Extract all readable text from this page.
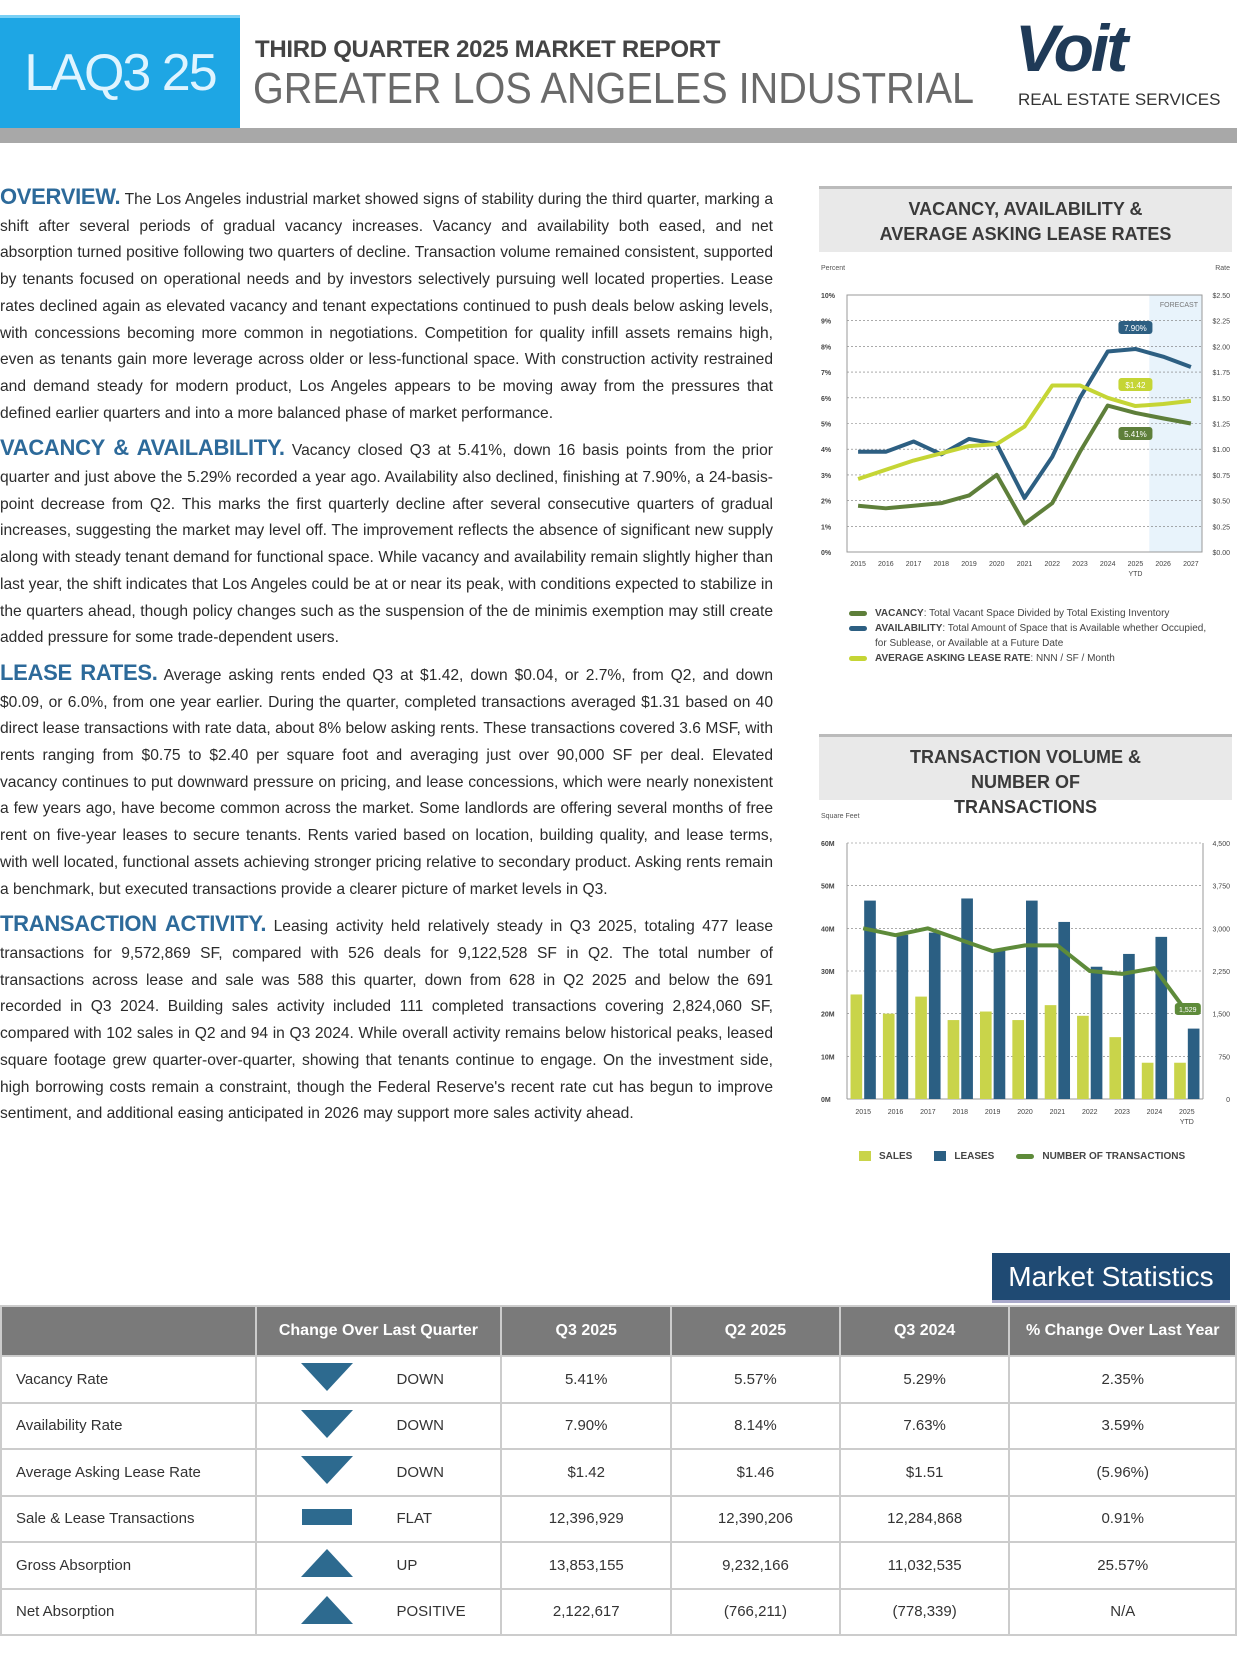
LAQ3 25	THIRD QUARTER 2025 MARKET REPORT
GREATER LOS ANGELES INDUSTRIAL
Voit
REAL ESTATE SERVICES

OVERVIEW. The Los Angeles industrial market showed signs of stability during the third quarter, marking a shift after several periods of gradual vacancy increases. Vacancy and availability both eased, and net absorption turned positive following two quarters of decline. Transaction volume remained consistent, supported by tenants focused on operational needs and by investors selectively pursuing well located properties. Lease rates declined again as elevated vacancy and tenant expectations continued to push deals below asking levels, with concessions becoming more common in negotiations. Competition for quality infill assets remains high, even as tenants gain more leverage across older or less-functional space. With construction activity restrained and demand steady for modern product, Los Angeles appears to be moving away from the pressures that defined earlier quarters and into a more balanced phase of market performance.

VACANCY & AVAILABILITY. Vacancy closed Q3 at 5.41%, down 16 basis points from the prior quarter and just above the 5.29% recorded a year ago. Availability also declined, finishing at 7.90%, a 24-basis-point decrease from Q2. This marks the first quarterly decline after several consecutive quarters of gradual increases, suggesting the market may level off. The improvement reflects the absence of significant new supply along with steady tenant demand for functional space. While vacancy and availability remain slightly higher than last year, the shift indicates that Los Angeles could be at or near its peak, with conditions expected to stabilize in the quarters ahead, though policy changes such as the suspension of the de minimis exemption may still create added pressure for some trade-dependent users.

LEASE RATES. Average asking rents ended Q3 at $1.42, down $0.04, or 2.7%, from Q2, and down $0.09, or 6.0%, from one year earlier. During the quarter, completed transactions averaged $1.31 based on 40 direct lease transactions with rate data, about 8% below asking rents. These transactions covered 3.6 MSF, with rents ranging from $0.75 to $2.40 per square foot and averaging just over 90,000 SF per deal. Elevated vacancy continues to put downward pressure on pricing, and lease concessions, which were nearly nonexistent a few years ago, have become common across the market. Some landlords are offering several months of free rent on five-year leases to secure tenants. Rents varied based on location, building quality, and lease terms, with well located, functional assets achieving stronger pricing relative to secondary product. Asking rents remain a benchmark, but executed transactions provide a clearer picture of market levels in Q3.

TRANSACTION ACTIVITY. Leasing activity held relatively steady in Q3 2025, totaling 477 lease transactions for 9,572,869 SF, compared with 526 deals for 9,122,528 SF in Q2. The total number of transactions across lease and sale was 588 this quarter, down from 628 in Q2 2025 and below the 691 recorded in Q3 2024. Building sales activity included 111 completed transactions covering 2,824,060 SF, compared with 102 sales in Q2 and 94 in Q3 2024. While overall activity remains below historical peaks, leased square footage grew quarter-over-quarter, showing that tenants continue to engage. On the investment side, high borrowing costs remain a constraint, though the Federal Reserve's recent rate cut has begun to improve sentiment, and additional easing anticipated in 2026 may support more sales activity ahead.

VACANCY, AVAILABILITY & AVERAGE ASKING LEASE RATES
FORECAST
Percent	Rate
0%	$0.00
1%	$0.25
2%	$0.50
3%	$0.75
4%	$1.00
5%	$1.25
6%	$1.50
7%	$1.75
8%	$2.00
9%	$2.25
10%	$2.50
2015 2016 2017 2018 2019 2020 2021 2022 2023 2024 2025 2026 2027
YTD
5.41%
7.90%
$1.42
VACANCY: Total Vacant Space Divided by Total Existing Inventory
AVAILABILITY: Total Amount of Space that is Available whether Occupied, for Sublease, or Available at a Future Date
AVERAGE ASKING LEASE RATE: NNN / SF / Month
TRANSACTION VOLUME & NUMBER OF TRANSACTIONS
Square Feet
0M	0
10M	750
20M	1,500
30M	2,250
40M	3,000
50M	3,750
60M	4,500
2015 2016 2017 2018 2019 2020 2021 2022 2023 2024 2025
YTD
1,529
SALES	LEASES	NUMBER OF TRANSACTIONS
Market Statistics
	Change Over Last Quarter	Q3 2025	Q2 2025	Q3 2024	% Change Over Last Year
Vacancy Rate	DOWN	5.41%	5.57%	5.29%	2.35%
Availability Rate	DOWN	7.90%	8.14%	7.63%	3.59%
Average Asking Lease Rate	DOWN	$1.42	$1.46	$1.51	(5.96%)
Sale & Lease Transactions	FLAT	12,396,929	12,390,206	12,284,868	0.91%
Gross Absorption	UP	13,853,155	9,232,166	11,032,535	25.57%
Net Absorption	POSITIVE	2,122,617	(766,211)	(778,339)	N/A
